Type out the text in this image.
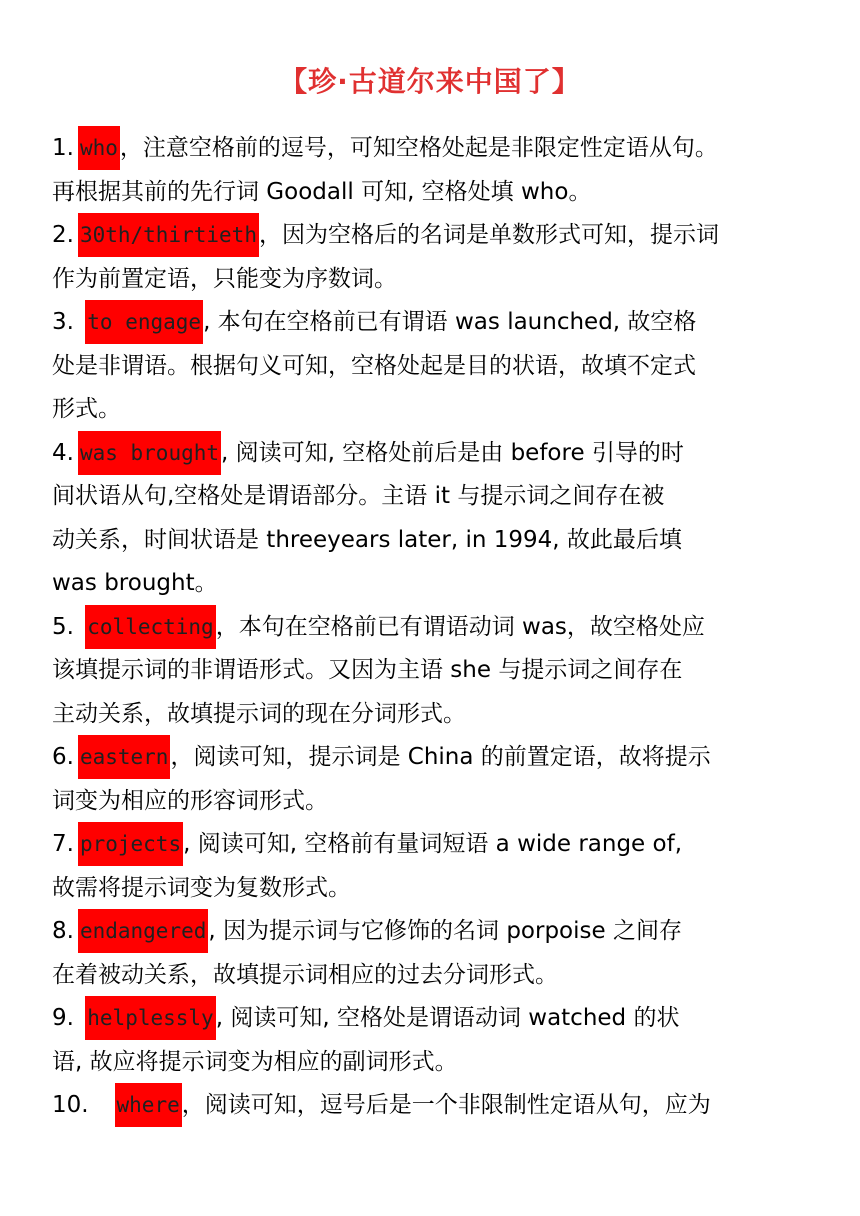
【珍·古道尔来中国了】
1. who，注意空格前的逗号，可知空格处起是非限定性定语从句。
再根据其前的先行词 Goodall 可知, 空格处填 who。
2. 30th/thirtieth，因为空格后的名词是单数形式可知，提示词
作为前置定语，只能变为序数词。
3. to engage, 本句在空格前已有谓语 was launched, 故空格
处是非谓语。根据句义可知，空格处起是目的状语，故填不定式
形式。
4. was brought, 阅读可知, 空格处前后是由 before 引导的时
间状语从句,空格处是谓语部分。主语 it 与提示词之间存在被
动关系，时间状语是 threeyears later, in 1994, 故此最后填
was brought。
5. collecting，本句在空格前已有谓语动词 was，故空格处应
该填提示词的非谓语形式。又因为主语 she 与提示词之间存在
主动关系，故填提示词的现在分词形式。
6. eastern，阅读可知，提示词是 China 的前置定语，故将提示
词变为相应的形容词形式。
7. projects, 阅读可知, 空格前有量词短语 a wide range of,
故需将提示词变为复数形式。
8. endangered, 因为提示词与它修饰的名词 porpoise 之间存
在着被动关系，故填提示词相应的过去分词形式。
9. helplessly, 阅读可知, 空格处是谓语动词 watched 的状
语, 故应将提示词变为相应的副词形式。
10. where，阅读可知，逗号后是一个非限制性定语从句，应为
